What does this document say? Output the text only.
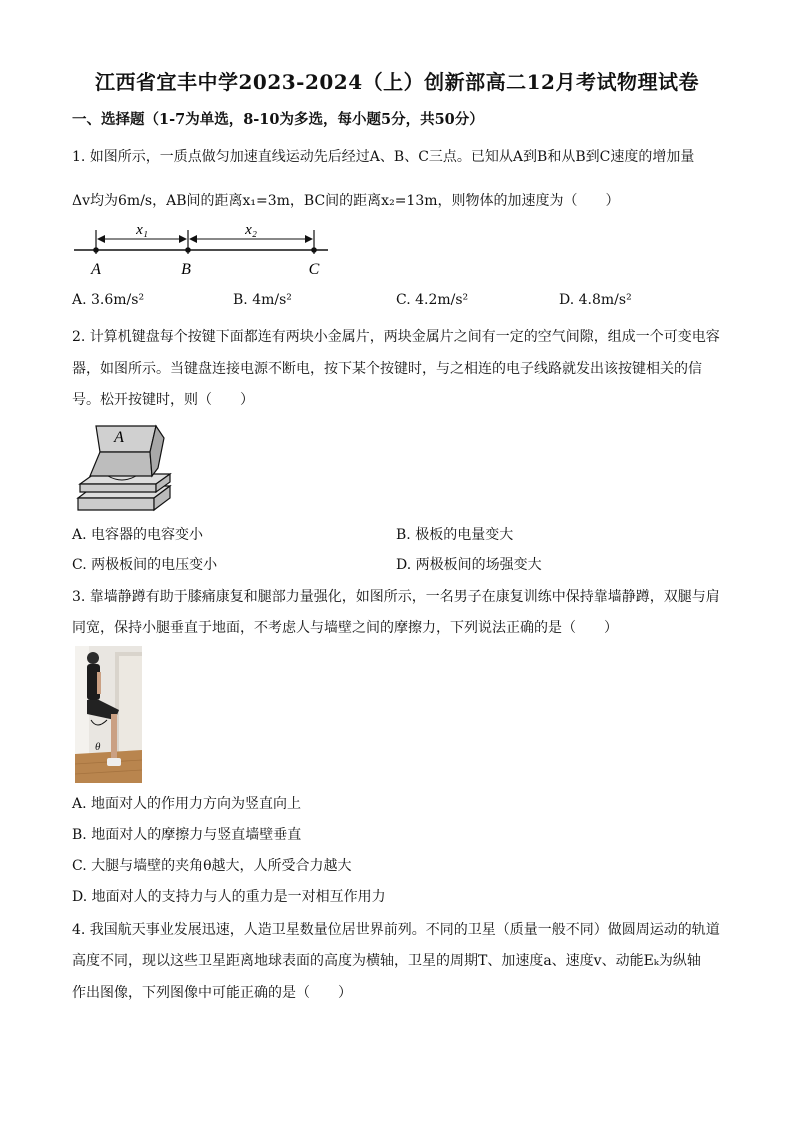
江西省宜丰中学2023-2024（上）创新部高二12月考试物理试卷
一、选择题（1-7为单选，8-10为多选，每小题5分，共50分）
1. 如图所示，一质点做匀加速直线运动先后经过A、B、C三点。已知从A到B和从B到C速度的增加量
Δv均为6m/s，AB间的距离x₁=3m，BC间的距离x₂=13m，则物体的加速度为（　　）
x₁	x₂
A	B	C
A. 3.6m/s²	B. 4m/s²	C. 4.2m/s²	D. 4.8m/s²
2. 计算机键盘每个按键下面都连有两块小金属片，两块金属片之间有一定的空气间隙，组成一个可变电容
器，如图所示。当键盘连接电源不断电，按下某个按键时，与之相连的电子线路就发出该按键相关的信
号。松开按键时，则（　　）
A
A. 电容器的电容变小	B. 极板的电量变大
C. 两极板间的电压变小	D. 两极板间的场强变大
3. 靠墙静蹲有助于膝痛康复和腿部力量强化，如图所示，一名男子在康复训练中保持靠墙静蹲，双腿与肩
同宽，保持小腿垂直于地面，不考虑人与墙壁之间的摩擦力，下列说法正确的是（　　）
θ
A. 地面对人的作用力方向为竖直向上
B. 地面对人的摩擦力与竖直墙壁垂直
C. 大腿与墙壁的夹角θ越大，人所受合力越大
D. 地面对人的支持力与人的重力是一对相互作用力
4. 我国航天事业发展迅速，人造卫星数量位居世界前列。不同的卫星（质量一般不同）做圆周运动的轨道
高度不同，现以这些卫星距离地球表面的高度为横轴，卫星的周期T、加速度a、速度v、动能Eₖ为纵轴
作出图像，下列图像中可能正确的是（　　）
